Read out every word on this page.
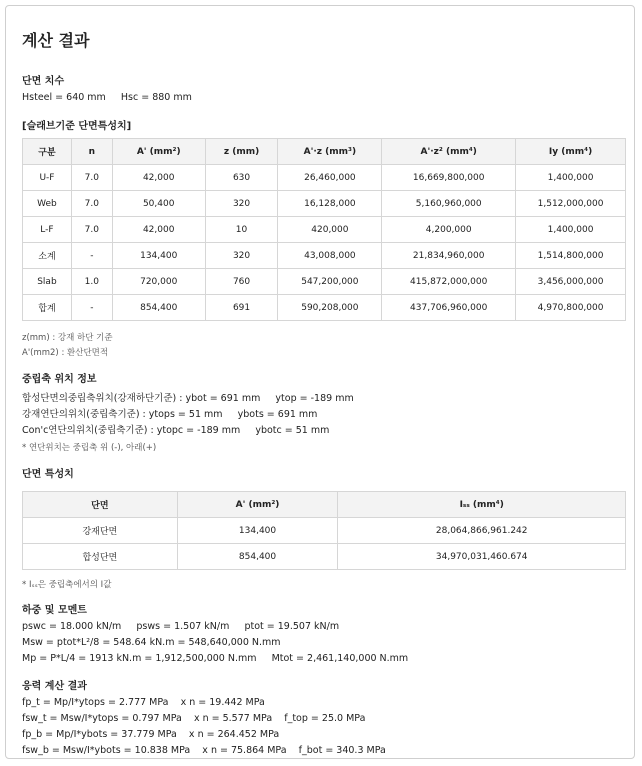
계산 결과
단면 치수
Hsteel = 640 mm     Hsc = 880 mm
[슬래브기준 단면특성치]
구분	n	A' (mm²)	z (mm)	A'·z (mm³)	A'·z² (mm⁴)	Iy (mm⁴)
U-F	7.0	42,000	630	26,460,000	16,669,800,000	1,400,000
Web	7.0	50,400	320	16,128,000	5,160,960,000	1,512,000,000
L-F	7.0	42,000	10	420,000	4,200,000	1,400,000
소계	-	134,400	320	43,008,000	21,834,960,000	1,514,800,000
Slab	1.0	720,000	760	547,200,000	415,872,000,000	3,456,000,000
합계	-	854,400	691	590,208,000	437,706,960,000	4,970,800,000
z(mm) : 강재 하단 기준
A'(mm2) : 환산단면적
중립축 위치 정보
합성단면의중립축위치(강재하단기준) : ybot = 691 mm     ytop = -189 mm
강재연단의위치(중립축기준) : ytops = 51 mm     ybots = 691 mm
Con'c연단의위치(중립축기준) : ytopc = -189 mm     ybotc = 51 mm
* 연단위치는 중립축 위 (-), 아래(+)
단면 특성치
단면	A' (mm²)	Iₛₛ (mm⁴)
강재단면	134,400	28,064,866,961.242
합성단면	854,400	34,970,031,460.674
* Iₛₛ은 중립축에서의 I값
하중 및 모멘트
pswc = 18.000 kN/m     psws = 1.507 kN/m     ptot = 19.507 kN/m
Msw = ptot*L²/8 = 548.64 kN.m = 548,640,000 N.mm
Mp = P*L/4 = 1913 kN.m = 1,912,500,000 N.mm     Mtot = 2,461,140,000 N.mm
응력 계산 결과
fp_t = Mp/I*ytops = 2.777 MPa    x n = 19.442 MPa
fsw_t = Msw/I*ytops = 0.797 MPa    x n = 5.577 MPa    f_top = 25.0 MPa
fp_b = Mp/I*ybots = 37.779 MPa    x n = 264.452 MPa
fsw_b = Msw/I*ybots = 10.838 MPa    x n = 75.864 MPa    f_bot = 340.3 MPa
